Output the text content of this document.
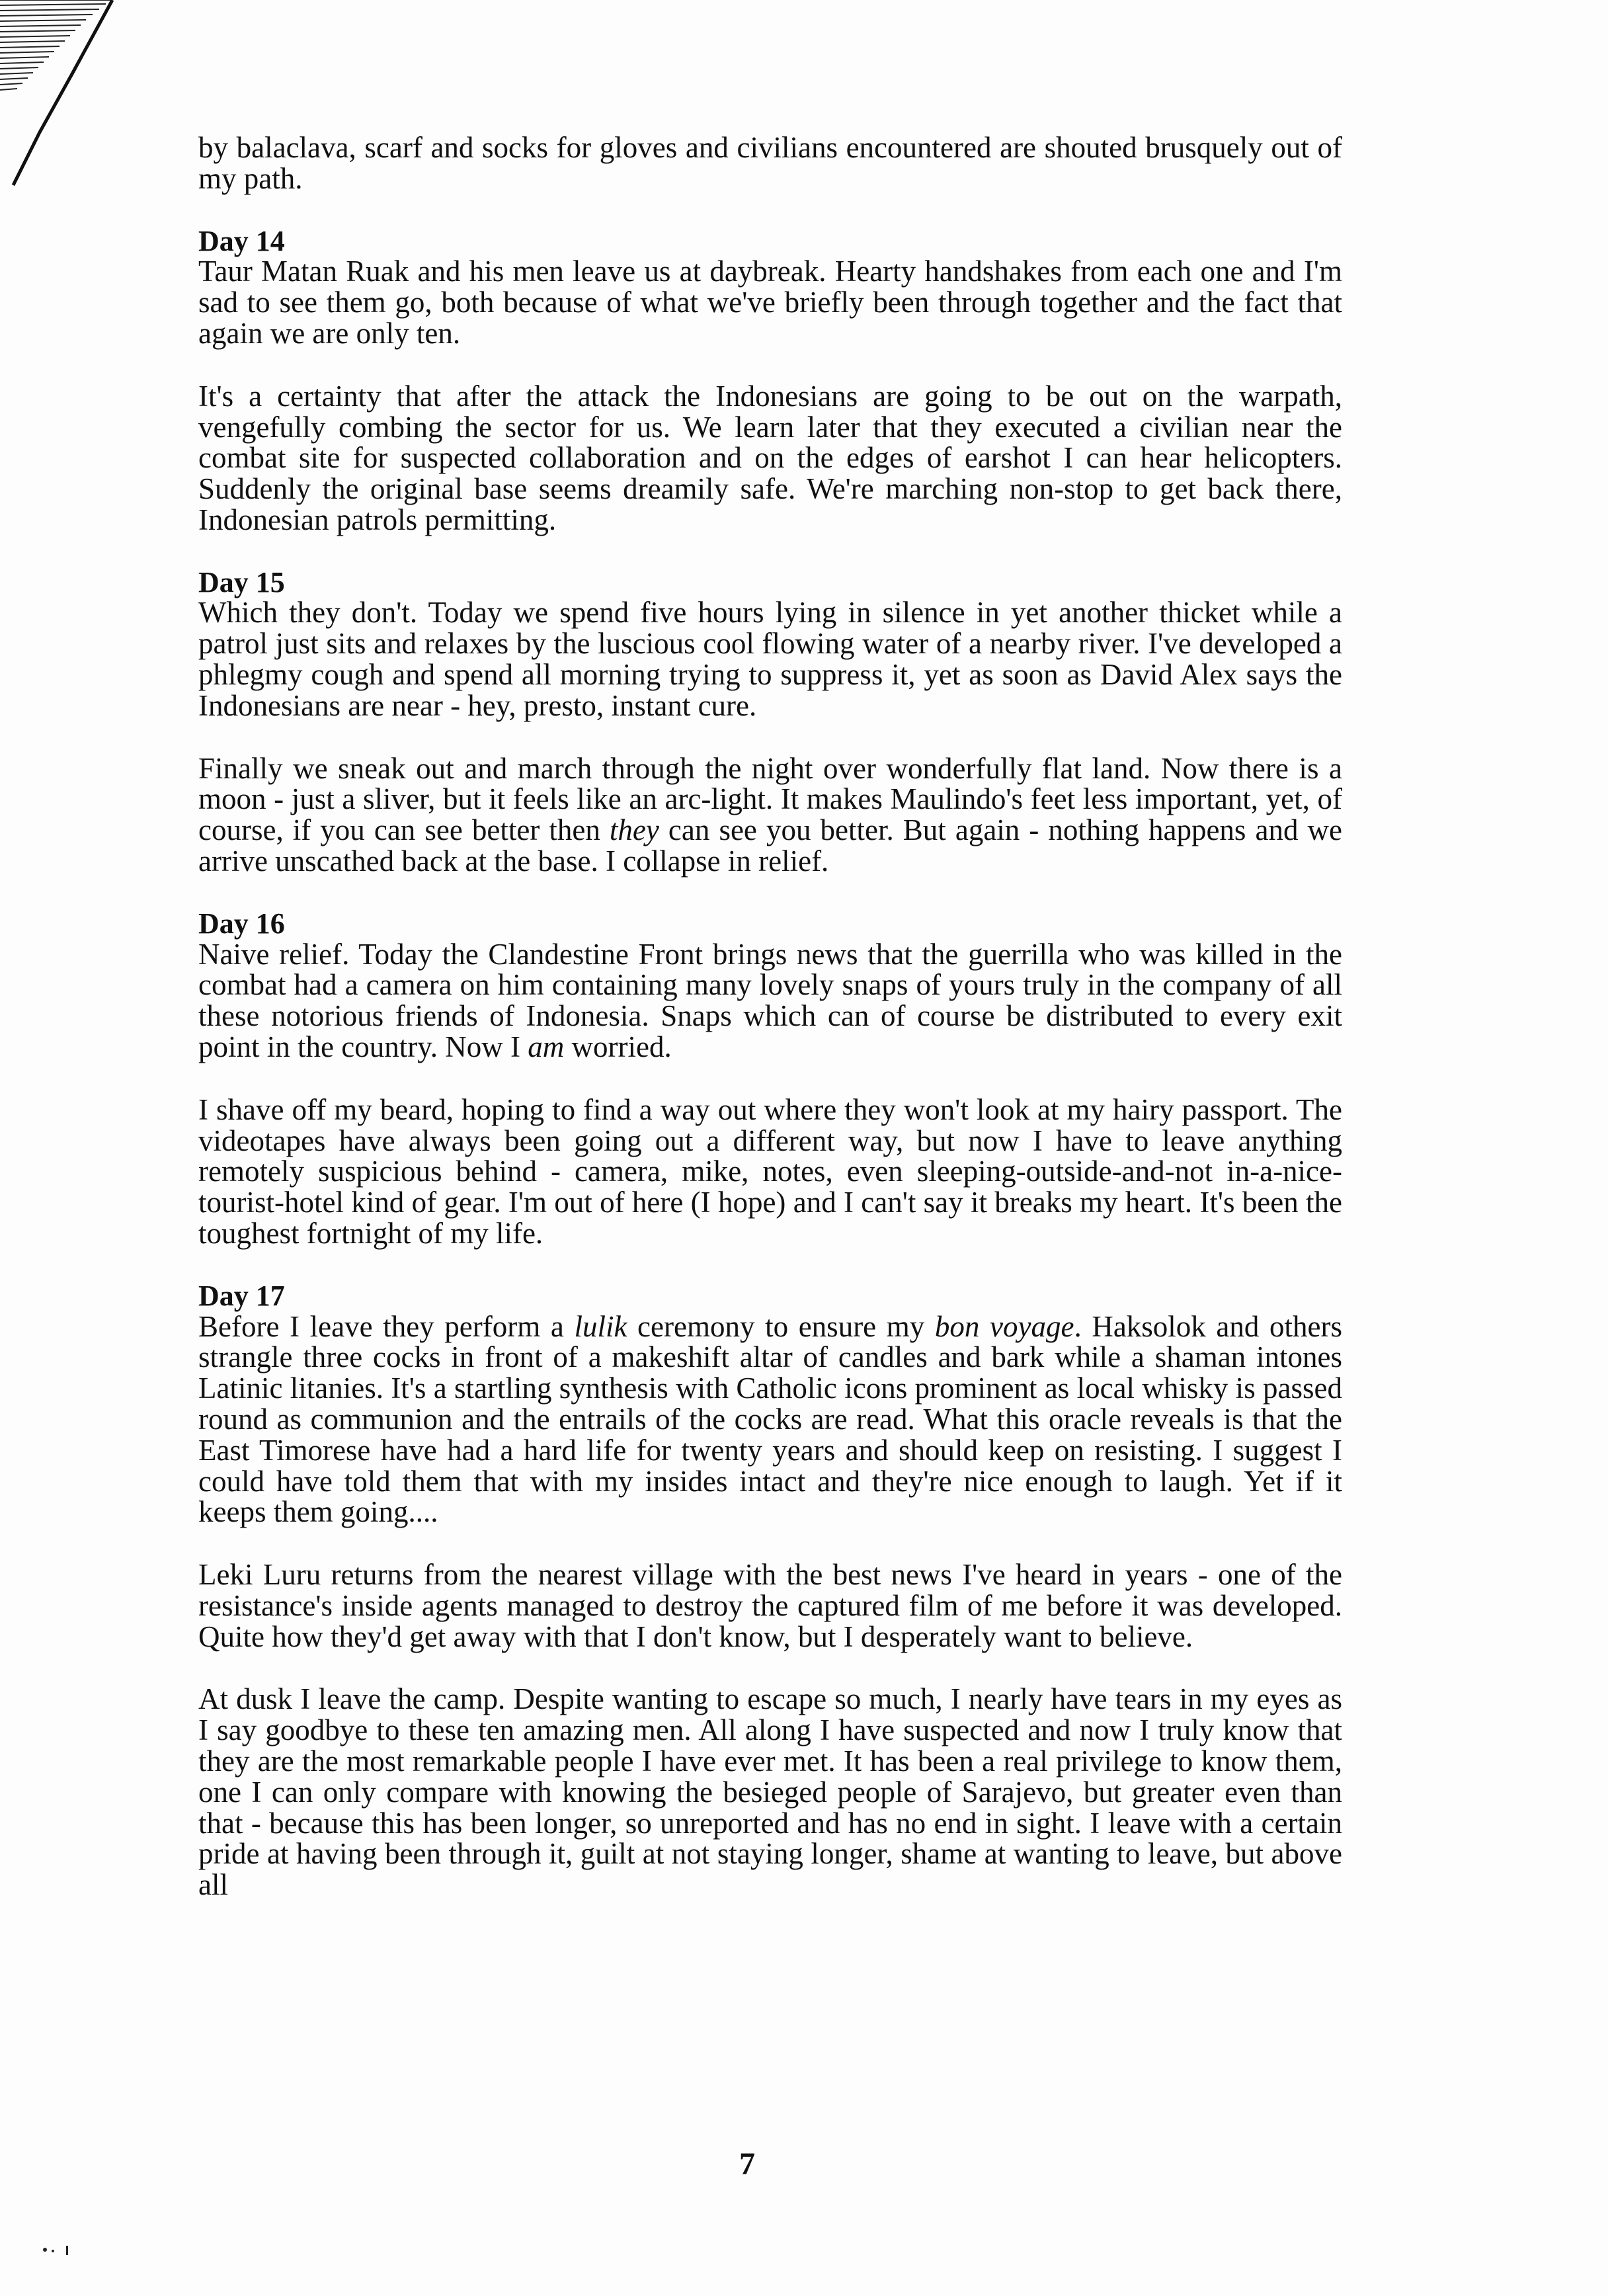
by balaclava, scarf and socks for gloves and civilians encountered are shouted brusquely out of my path.

Day 14

Taur Matan Ruak and his men leave us at daybreak. Hearty handshakes from each one and I'm sad to see them go, both because of what we've briefly been through together and the fact that again we are only ten.

It's a certainty that after the attack the Indonesians are going to be out on the warpath, vengefully combing the sector for us. We learn later that they executed a civilian near the combat site for suspected collaboration and on the edges of earshot I can hear helicopters. Suddenly the original base seems dreamily safe. We're marching non-stop to get back there, Indonesian patrols permitting.

Day 15

Which they don't. Today we spend five hours lying in silence in yet another thicket while a patrol just sits and relaxes by the luscious cool flowing water of a nearby river. I've developed a phlegmy cough and spend all morning trying to suppress it, yet as soon as David Alex says the Indonesians are near - hey, presto, instant cure.

Finally we sneak out and march through the night over wonderfully flat land. Now there is a moon - just a sliver, but it feels like an arc-light. It makes Maulindo's feet less important, yet, of course, if you can see better then they can see you better. But again - nothing happens and we arrive unscathed back at the base. I collapse in relief.

Day 16

Naive relief. Today the Clandestine Front brings news that the guerrilla who was killed in the combat had a camera on him containing many lovely snaps of yours truly in the company of all these notorious friends of Indonesia. Snaps which can of course be distributed to every exit point in the country. Now I am worried.

I shave off my beard, hoping to find a way out where they won't look at my hairy passport. The videotapes have always been going out a different way, but now I have to leave anything remotely suspicious behind - camera, mike, notes, even sleeping-outside-and-not in-a-nice-tourist-hotel kind of gear. I'm out of here (I hope) and I can't say it breaks my heart. It's been the toughest fortnight of my life.

Day 17

Before I leave they perform a lulik ceremony to ensure my bon voyage. Haksolok and others strangle three cocks in front of a makeshift altar of candles and bark while a shaman intones Latinic litanies. It's a startling synthesis with Catholic icons prominent as local whisky is passed round as communion and the entrails of the cocks are read. What this oracle reveals is that the East Timorese have had a hard life for twenty years and should keep on resisting. I suggest I could have told them that with my insides intact and they're nice enough to laugh. Yet if it keeps them going....

Leki Luru returns from the nearest village with the best news I've heard in years - one of the resistance's inside agents managed to destroy the captured film of me before it was developed. Quite how they'd get away with that I don't know, but I desperately want to believe.

At dusk I leave the camp. Despite wanting to escape so much, I nearly have tears in my eyes as I say goodbye to these ten amazing men. All along I have suspected and now I truly know that they are the most remarkable people I have ever met. It has been a real privilege to know them, one I can only compare with knowing the besieged people of Sarajevo, but greater even than that - because this has been longer, so unreported and has no end in sight. I leave with a certain pride at having been through it, guilt at not staying longer, shame at wanting to leave, but above all

7
